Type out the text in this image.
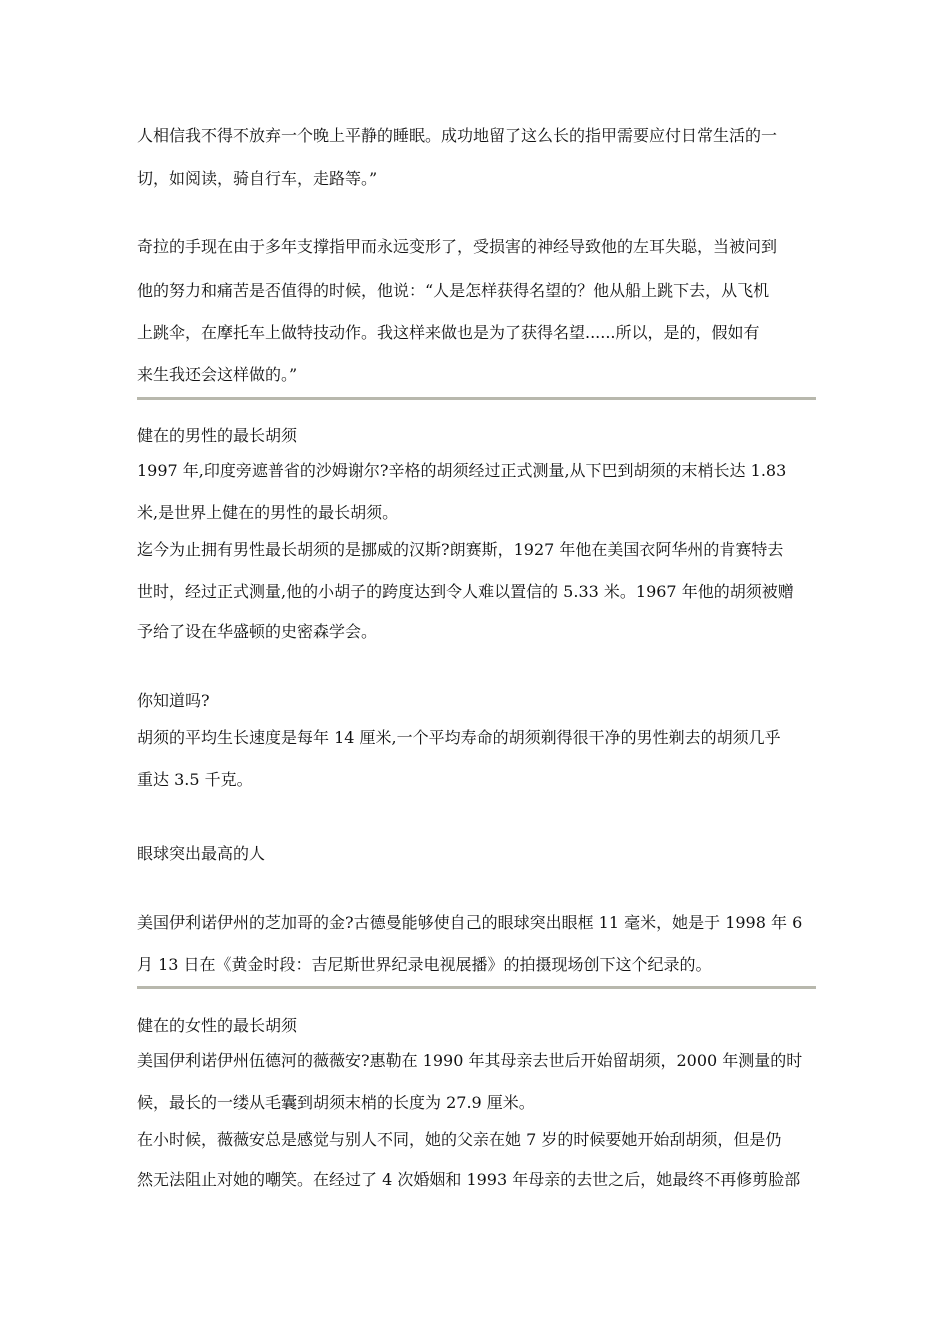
人相信我不得不放弃一个晚上平静的睡眠。成功地留了这么长的指甲需要应付日常生活的一
切，如阅读，骑自行车，走路等。”
奇拉的手现在由于多年支撑指甲而永远变形了，受损害的神经导致他的左耳失聪，当被问到
他的努力和痛苦是否值得的时候，他说：“人是怎样获得名望的？他从船上跳下去，从飞机
上跳伞，在摩托车上做特技动作。我这样来做也是为了获得名望......所以，是的，假如有
来生我还会这样做的。”
健在的男性的最长胡须
1997 年,印度旁遮普省的沙姆谢尔?辛格的胡须经过正式测量,从下巴到胡须的末梢长达 1.83
米,是世界上健在的男性的最长胡须。
迄今为止拥有男性最长胡须的是挪威的汉斯?朗赛斯，1927 年他在美国衣阿华州的肯赛特去
世时，经过正式测量,他的小胡子的跨度达到令人难以置信的 5.33 米。1967 年他的胡须被赠
予给了设在华盛顿的史密森学会。
你知道吗?
胡须的平均生长速度是每年 14 厘米,一个平均寿命的胡须剃得很干净的男性剃去的胡须几乎
重达 3.5 千克。
眼球突出最高的人
美国伊利诺伊州的芝加哥的金?古德曼能够使自己的眼球突出眼框 11 毫米，她是于 1998 年 6
月 13 日在《黄金时段：吉尼斯世界纪录电视展播》的拍摄现场创下这个纪录的。
健在的女性的最长胡须
美国伊利诺伊州伍德河的薇薇安?惠勒在 1990 年其母亲去世后开始留胡须，2000 年测量的时
候，最长的一缕从毛囊到胡须末梢的长度为 27.9 厘米。
在小时候，薇薇安总是感觉与别人不同，她的父亲在她 7 岁的时候要她开始刮胡须，但是仍
然无法阻止对她的嘲笑。在经过了 4 次婚姻和 1993 年母亲的去世之后，她最终不再修剪脸部
